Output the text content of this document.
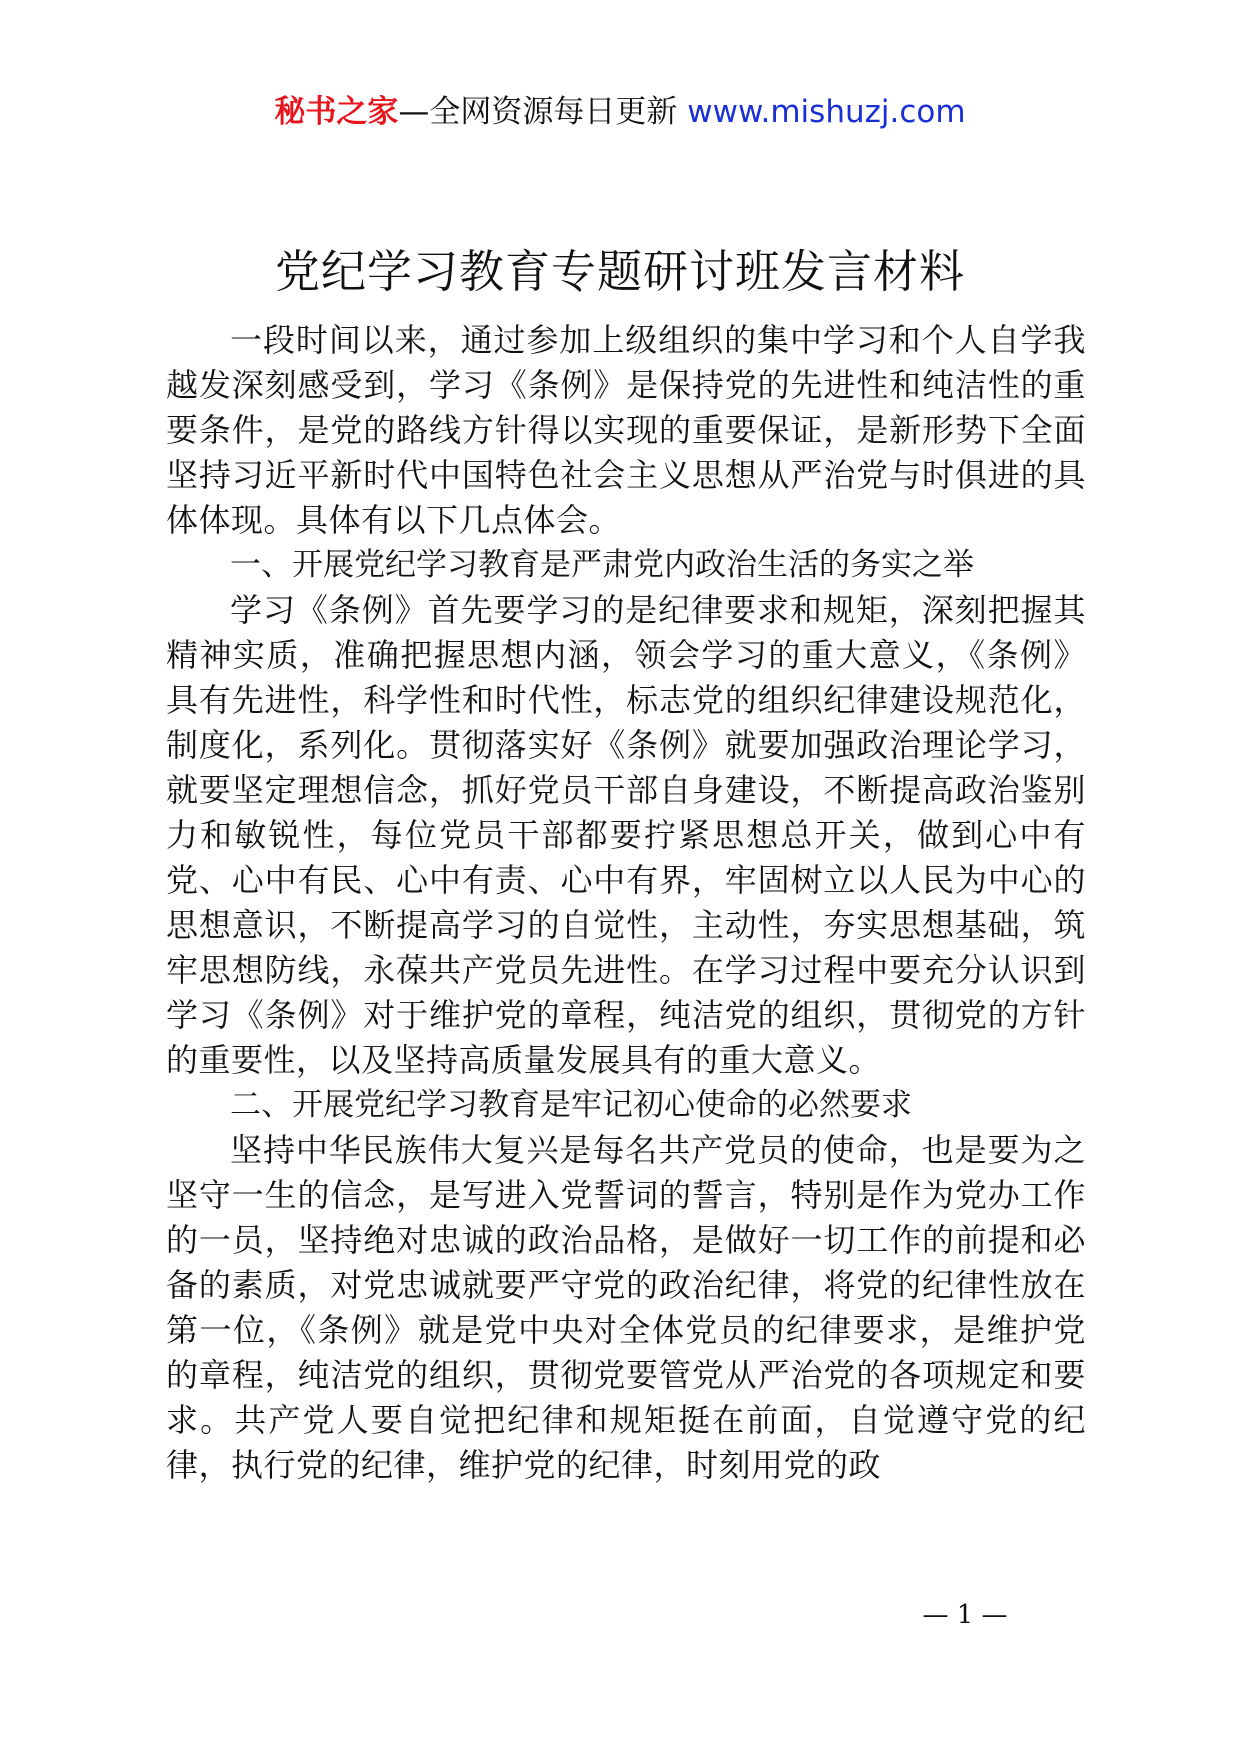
秘书之家—全网资源每日更新 www.mishuzj.com
党纪学习教育专题研讨班发言材料

一段时间以来，通过参加上级组织的集中学习和个人自学我越发深刻感受到，学习《条例》是保持党的先进性和纯洁性的重要条件，是党的路线方针得以实现的重要保证，是新形势下全面坚持习近平新时代中国特色社会主义思想从严治党与时俱进的具体体现。具体有以下几点体会。

一、开展党纪学习教育是严肃党内政治生活的务实之举

学习《条例》首先要学习的是纪律要求和规矩，深刻把握其精神实质，准确把握思想内涵，领会学习的重大意义，《条例》具有先进性，科学性和时代性，标志党的组织纪律建设规范化，制度化，系列化。贯彻落实好《条例》就要加强政治理论学习，就要坚定理想信念，抓好党员干部自身建设，不断提高政治鉴别力和敏锐性，每位党员干部都要拧紧思想总开关，做到心中有党、心中有民、心中有责、心中有界，牢固树立以人民为中心的思想意识，不断提高学习的自觉性，主动性，夯实思想基础，筑牢思想防线，永葆共产党员先进性。在学习过程中要充分认识到学习《条例》对于维护党的章程，纯洁党的组织，贯彻党的方针的重要性，以及坚持高质量发展具有的重大意义。

二、开展党纪学习教育是牢记初心使命的必然要求

坚持中华民族伟大复兴是每名共产党员的使命，也是要为之坚守一生的信念，是写进入党誓词的誓言，特别是作为党办工作的一员，坚持绝对忠诚的政治品格，是做好一切工作的前提和必备的素质，对党忠诚就要严守党的政治纪律，将党的纪律性放在第一位，《条例》就是党中央对全体党员的纪律要求，是维护党的章程，纯洁党的组织，贯彻党要管党从严治党的各项规定和要求。共产党人要自觉把纪律和规矩挺在前面，自觉遵守党的纪律，执行党的纪律，维护党的纪律，时刻用党的政

— 1 —
